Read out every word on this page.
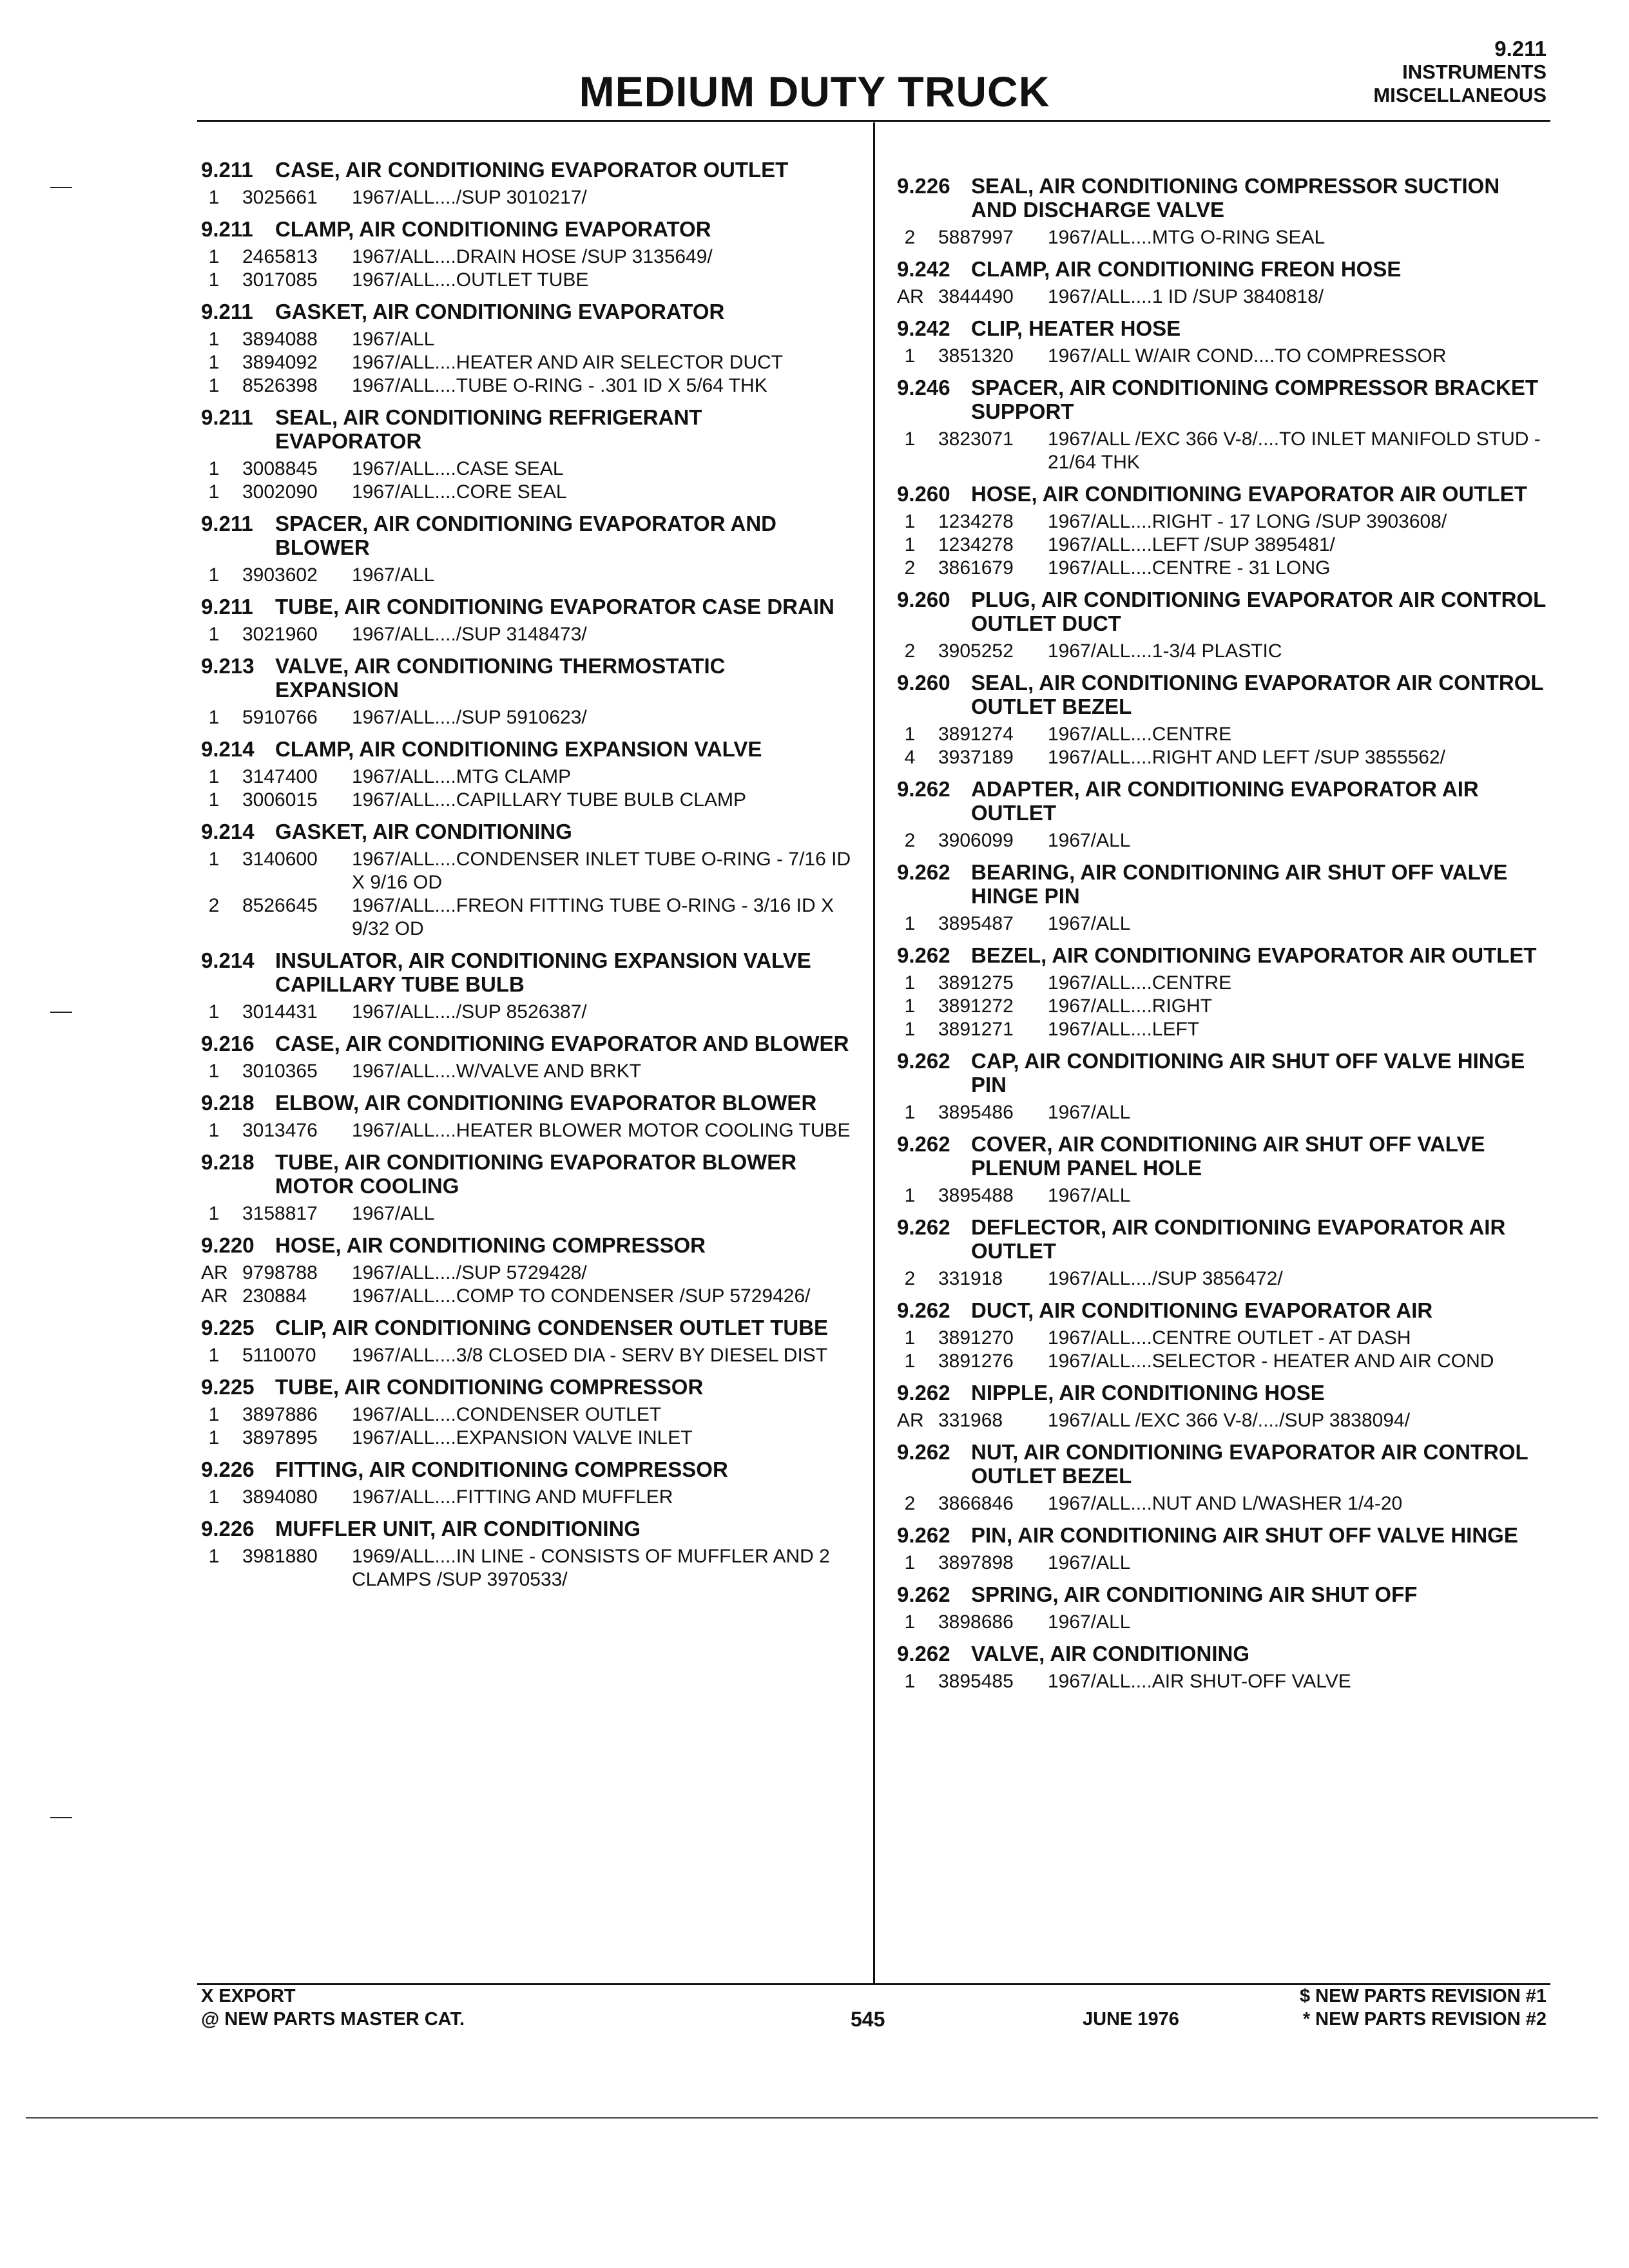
9.211
INSTRUMENTS
MISCELLANEOUS
MEDIUM DUTY TRUCK
9.211	CASE, AIR CONDITIONING EVAPORATOR OUTLET
1	3025661	1967/ALL..../SUP 3010217/
9.211	CLAMP, AIR CONDITIONING EVAPORATOR
1	2465813	1967/ALL....DRAIN HOSE /SUP 3135649/
1	3017085	1967/ALL....OUTLET TUBE
9.211	GASKET, AIR CONDITIONING EVAPORATOR
1	3894088	1967/ALL
1	3894092	1967/ALL....HEATER AND AIR SELECTOR DUCT
1	8526398	1967/ALL....TUBE O-RING - .301 ID X 5/64 THK
9.211	SEAL, AIR CONDITIONING REFRIGERANT EVAPORATOR
1	3008845	1967/ALL....CASE SEAL
1	3002090	1967/ALL....CORE SEAL
9.211	SPACER, AIR CONDITIONING EVAPORATOR AND BLOWER
1	3903602	1967/ALL
9.211	TUBE, AIR CONDITIONING EVAPORATOR CASE DRAIN
1	3021960	1967/ALL..../SUP 3148473/
9.213 VALVE, AIR CONDITIONING THERMOSTATIC EXPANSION
1	5910766	1967/ALL..../SUP 5910623/
9.214 CLAMP, AIR CONDITIONING EXPANSION VALVE
1	3147400	1967/ALL....MTG CLAMP
1	3006015	1967/ALL....CAPILLARY TUBE BULB CLAMP
9.214 GASKET, AIR CONDITIONING
1	3140600	1967/ALL....CONDENSER INLET TUBE O-RING - 7/16 ID X 9/16 OD
2	8526645	1967/ALL....FREON FITTING TUBE O-RING - 3/16 ID X 9/32 OD
9.214 INSULATOR, AIR CONDITIONING EXPANSION VALVE CAPILLARY TUBE BULB
1	3014431	1967/ALL..../SUP 8526387/
9.216 CASE, AIR CONDITIONING EVAPORATOR AND BLOWER
1	3010365	1967/ALL....W/VALVE AND BRKT
9.218 ELBOW, AIR CONDITIONING EVAPORATOR BLOWER
1	3013476	1967/ALL....HEATER BLOWER MOTOR COOLING TUBE
9.218 TUBE, AIR CONDITIONING EVAPORATOR BLOWER MOTOR COOLING
1	3158817	1967/ALL
9.220 HOSE, AIR CONDITIONING COMPRESSOR
AR 9798788	1967/ALL..../SUP 5729428/
AR 230884	1967/ALL....COMP TO CONDENSER /SUP 5729426/
9.225 CLIP, AIR CONDITIONING CONDENSER OUTLET TUBE
1	5110070	1967/ALL....3/8 CLOSED DIA - SERV BY DIESEL DIST
9.225 TUBE, AIR CONDITIONING COMPRESSOR
1	3897886	1967/ALL....CONDENSER OUTLET
1	3897895	1967/ALL....EXPANSION VALVE INLET
9.226 FITTING, AIR CONDITIONING COMPRESSOR
1	3894080	1967/ALL....FITTING AND MUFFLER
9.226 MUFFLER UNIT, AIR CONDITIONING
1	3981880	1969/ALL....IN LINE - CONSISTS OF MUFFLER AND 2 CLAMPS /SUP 3970533/
9.226 SEAL, AIR CONDITIONING COMPRESSOR SUCTION AND DISCHARGE VALVE
2	5887997	1967/ALL....MTG O-RING SEAL
9.242 CLAMP, AIR CONDITIONING FREON HOSE
AR 3844490	1967/ALL....1 ID /SUP 3840818/
9.242 CLIP, HEATER HOSE
1	3851320	1967/ALL W/AIR COND....TO COMPRESSOR
9.246 SPACER, AIR CONDITIONING COMPRESSOR BRACKET SUPPORT
1	3823071	1967/ALL /EXC 366 V-8/....TO INLET MANIFOLD STUD - 21/64 THK
9.260 HOSE, AIR CONDITIONING EVAPORATOR AIR OUTLET
1	1234278	1967/ALL....RIGHT - 17 LONG /SUP 3903608/
1	1234278	1967/ALL....LEFT /SUP 3895481/
2	3861679	1967/ALL....CENTRE - 31 LONG
9.260 PLUG, AIR CONDITIONING EVAPORATOR AIR CONTROL OUTLET DUCT
2	3905252	1967/ALL....1-3/4 PLASTIC
9.260 SEAL, AIR CONDITIONING EVAPORATOR AIR CONTROL OUTLET BEZEL
1	3891274	1967/ALL....CENTRE
4	3937189	1967/ALL....RIGHT AND LEFT /SUP 3855562/
9.262 ADAPTER, AIR CONDITIONING EVAPORATOR AIR OUTLET
2	3906099	1967/ALL
9.262 BEARING, AIR CONDITIONING AIR SHUT OFF VALVE HINGE PIN
1	3895487	1967/ALL
9.262 BEZEL, AIR CONDITIONING EVAPORATOR AIR OUTLET
1	3891275	1967/ALL....CENTRE
1	3891272	1967/ALL....RIGHT
1	3891271	1967/ALL....LEFT
9.262 CAP, AIR CONDITIONING AIR SHUT OFF VALVE HINGE PIN
1	3895486	1967/ALL
9.262 COVER, AIR CONDITIONING AIR SHUT OFF VALVE PLENUM PANEL HOLE
1	3895488	1967/ALL
9.262 DEFLECTOR, AIR CONDITIONING EVAPORATOR AIR OUTLET
2	331918	1967/ALL..../SUP 3856472/
9.262 DUCT, AIR CONDITIONING EVAPORATOR AIR
1	3891270	1967/ALL....CENTRE OUTLET - AT DASH
1	3891276	1967/ALL....SELECTOR - HEATER AND AIR COND
9.262 NIPPLE, AIR CONDITIONING HOSE
AR 331968	1967/ALL /EXC 366 V-8/..../SUP 3838094/
9.262 NUT, AIR CONDITIONING EVAPORATOR AIR CONTROL OUTLET BEZEL
2	3866846	1967/ALL....NUT AND L/WASHER 1/4-20
9.262 PIN, AIR CONDITIONING AIR SHUT OFF VALVE HINGE
1	3897898	1967/ALL
9.262 SPRING, AIR CONDITIONING AIR SHUT OFF
1	3898686	1967/ALL
9.262 VALVE, AIR CONDITIONING
1	3895485	1967/ALL....AIR SHUT-OFF VALVE
X EXPORT
@ NEW PARTS MASTER CAT.	545	JUNE 1976
$ NEW PARTS REVISION #1
* NEW PARTS REVISION #2
